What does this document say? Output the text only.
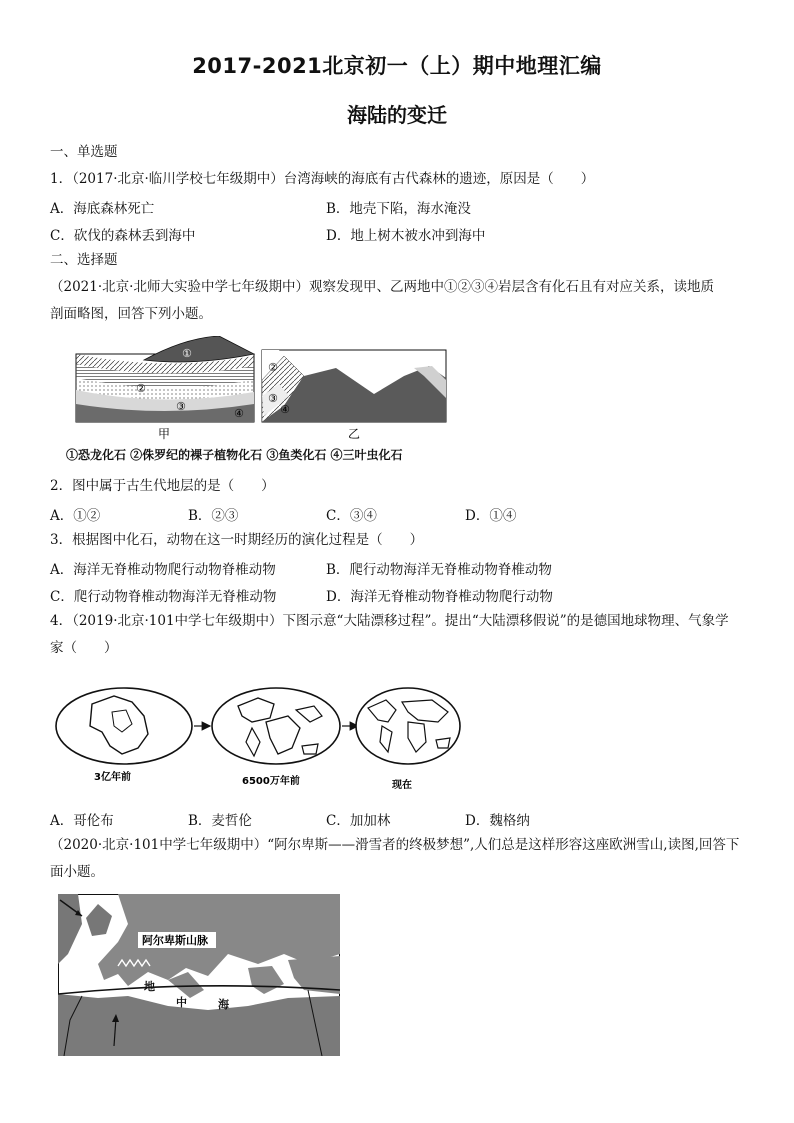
2017-2021北京初一（上）期中地理汇编
海陆的变迁
一、单选题
1．（2017·北京·临川学校七年级期中）台湾海峡的海底有古代森林的遗迹，原因是（　　）
A．海底森林死亡	B．地壳下陷，海水淹没
C．砍伐的森林丢到海中	D．地上树木被水冲到海中
二、选择题
（2021·北京·北师大实验中学七年级期中）观察发现甲、乙两地中①②③④岩层含有化石且有对应关系，读地质
剖面略图，回答下列小题。
①
②
③
④
②
③
④
甲	乙
①恐龙化石 ②侏罗纪的裸子植物化石 ③鱼类化石 ④三叶虫化石
2．图中属于古生代地层的是（　　）
A．①②	B．②③	C．③④	D．①④
3．根据图中化石，动物在这一时期经历的演化过程是（　　）
A．海洋无脊椎动物爬行动物脊椎动物	B．爬行动物海洋无脊椎动物脊椎动物
C．爬行动物脊椎动物海洋无脊椎动物	D．海洋无脊椎动物脊椎动物爬行动物
4．（2019·北京·101中学七年级期中）下图示意“大陆漂移过程”。提出“大陆漂移假说”的是德国地球物理、气象学
家（　　）
3亿年前	6500万年前	现在
A．哥伦布	B．麦哲伦	C．加加林	D．魏格纳
（2020·北京·101中学七年级期中）“阿尔卑斯——滑雪者的终极梦想”,人们总是这样形容这座欧洲雪山,读图,回答下
面小题。
阿尔卑斯山脉
地
中	海
